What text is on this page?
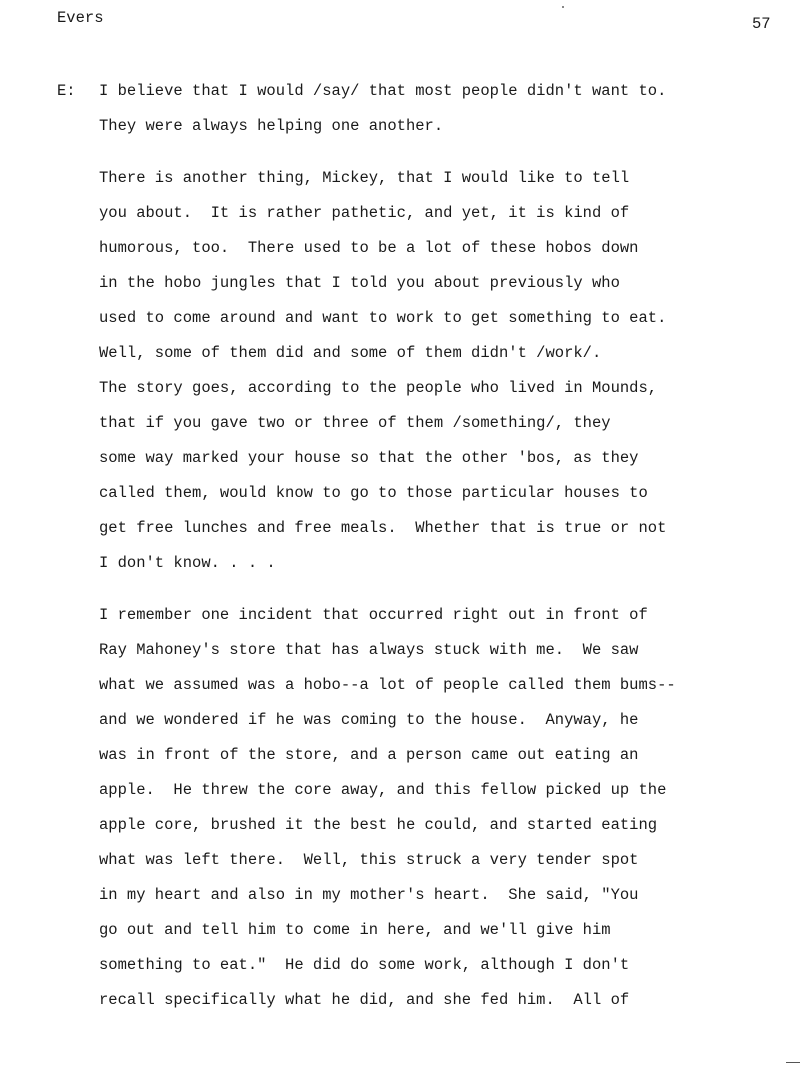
Evers	57
E: I believe that I would /say/ that most people didn't want to.
They were always helping one another.
There is another thing, Mickey, that I would like to tell
you about.  It is rather pathetic, and yet, it is kind of
humorous, too.  There used to be a lot of these hobos down
in the hobo jungles that I told you about previously who
used to come around and want to work to get something to eat.
Well, some of them did and some of them didn't /work/.
The story goes, according to the people who lived in Mounds,
that if you gave two or three of them /something/, they
some way marked your house so that the other 'bos, as they
called them, would know to go to those particular houses to
get free lunches and free meals.  Whether that is true or not
I don't know. . . .
I remember one incident that occurred right out in front of
Ray Mahoney's store that has always stuck with me.  We saw
what we assumed was a hobo--a lot of people called them bums--
and we wondered if he was coming to the house.  Anyway, he
was in front of the store, and a person came out eating an
apple.  He threw the core away, and this fellow picked up the
apple core, brushed it the best he could, and started eating
what was left there.  Well, this struck a very tender spot
in my heart and also in my mother's heart.  She said, "You
go out and tell him to come in here, and we'll give him
something to eat."  He did do some work, although I don't
recall specifically what he did, and she fed him.  All of
